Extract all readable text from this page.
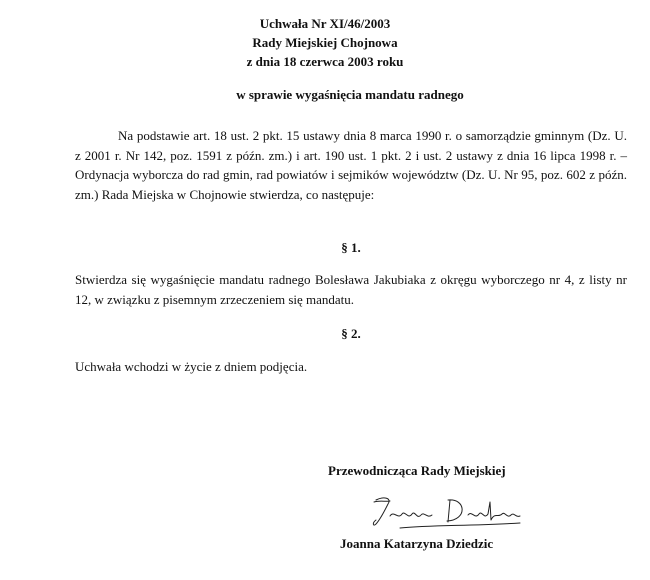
Uchwała Nr XI/46/2003
Rady Miejskiej Chojnowa
z dnia 18 czerwca 2003 roku
w sprawie wygaśnięcia mandatu radnego

Na podstawie art. 18 ust. 2 pkt. 15 ustawy dnia 8 marca 1990 r. o samorządzie gminnym (Dz. U. z 2001 r. Nr 142, poz. 1591 z późn. zm.) i art. 190 ust. 1 pkt. 2 i ust. 2 ustawy z dnia 16 lipca 1998 r. – Ordynacja wyborcza do rad gmin, rad powiatów i sejmików województw (Dz. U. Nr 95, poz. 602 z późn. zm.) Rada Miejska w Chojnowie stwierdza, co następuje:

§ 1.

Stwierdza się wygaśnięcie mandatu radnego Bolesława Jakubiaka z okręgu wyborczego nr 4, z listy nr 12, w związku z pisemnym zrzeczeniem się mandatu.

§ 2.

Uchwała wchodzi w życie z dniem podjęcia.

Przewodnicząca Rady Miejskiej
Joanna Katarzyna Dziedzic
